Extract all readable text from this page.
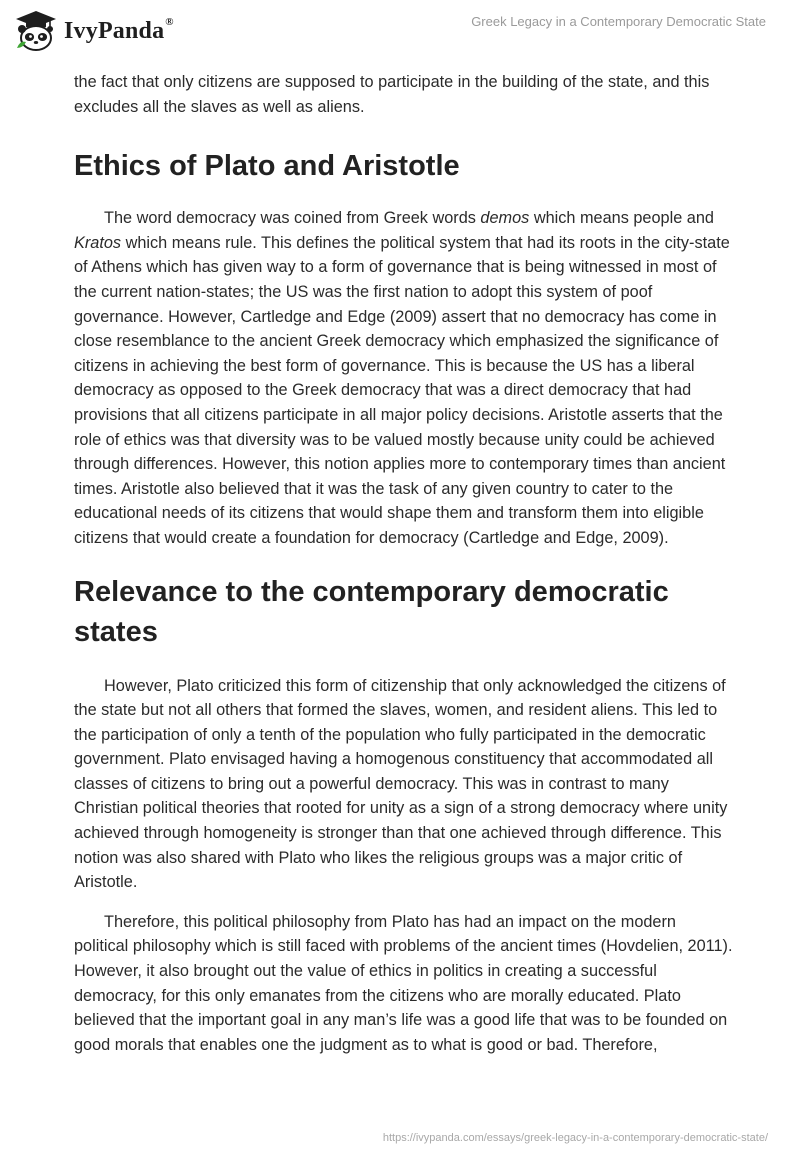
IvyPanda®	Greek Legacy in a Contemporary Democratic State

the fact that only citizens are supposed to participate in the building of the state, and this excludes all the slaves as well as aliens.

Ethics of Plato and Aristotle

The word democracy was coined from Greek words demos which means people and Kratos which means rule. This defines the political system that had its roots in the city-state of Athens which has given way to a form of governance that is being witnessed in most of the current nation-states; the US was the first nation to adopt this system of poof governance. However, Cartledge and Edge (2009) assert that no democracy has come in close resemblance to the ancient Greek democracy which emphasized the significance of citizens in achieving the best form of governance. This is because the US has a liberal democracy as opposed to the Greek democracy that was a direct democracy that had provisions that all citizens participate in all major policy decisions. Aristotle asserts that the role of ethics was that diversity was to be valued mostly because unity could be achieved through differences. However, this notion applies more to contemporary times than ancient times. Aristotle also believed that it was the task of any given country to cater to the educational needs of its citizens that would shape them and transform them into eligible citizens that would create a foundation for democracy (Cartledge and Edge, 2009).

Relevance to the contemporary democratic states

However, Plato criticized this form of citizenship that only acknowledged the citizens of the state but not all others that formed the slaves, women, and resident aliens. This led to the participation of only a tenth of the population who fully participated in the democratic government. Plato envisaged having a homogenous constituency that accommodated all classes of citizens to bring out a powerful democracy. This was in contrast to many Christian political theories that rooted for unity as a sign of a strong democracy where unity achieved through homogeneity is stronger than that one achieved through difference. This notion was also shared with Plato who likes the religious groups was a major critic of Aristotle.

Therefore, this political philosophy from Plato has had an impact on the modern political philosophy which is still faced with problems of the ancient times (Hovdelien, 2011). However, it also brought out the value of ethics in politics in creating a successful democracy, for this only emanates from the citizens who are morally educated. Plato believed that the important goal in any man’s life was a good life that was to be founded on good morals that enables one the judgment as to what is good or bad. Therefore,

https://ivypanda.com/essays/greek-legacy-in-a-contemporary-democratic-state/
